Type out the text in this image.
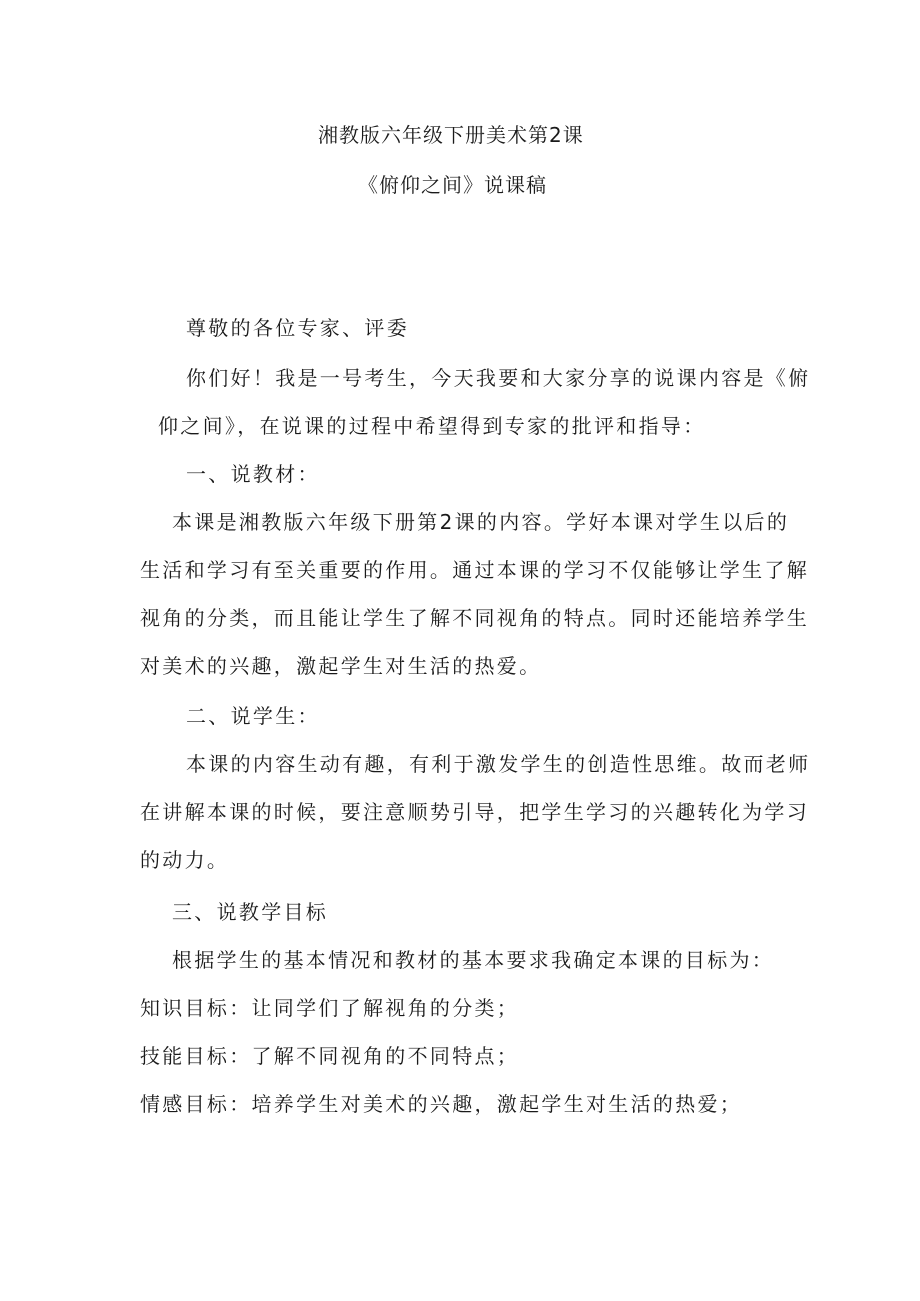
湘教版六年级下册美术第2课
《俯仰之间》说课稿
尊敬的各位专家、评委
你们好！我是一号考生，今天我要和大家分享的说课内容是《俯
仰之间》，在说课的过程中希望得到专家的批评和指导：
一、说教材：
本课是湘教版六年级下册第2课的内容。学好本课对学生以后的
生活和学习有至关重要的作用。通过本课的学习不仅能够让学生了解
视角的分类，而且能让学生了解不同视角的特点。同时还能培养学生
对美术的兴趣，激起学生对生活的热爱。
二、说学生：
本课的内容生动有趣，有利于激发学生的创造性思维。故而老师
在讲解本课的时候，要注意顺势引导，把学生学习的兴趣转化为学习
的动力。
三、说教学目标
根据学生的基本情况和教材的基本要求我确定本课的目标为：
知识目标：让同学们了解视角的分类；
技能目标：了解不同视角的不同特点；
情感目标：培养学生对美术的兴趣，激起学生对生活的热爱；
